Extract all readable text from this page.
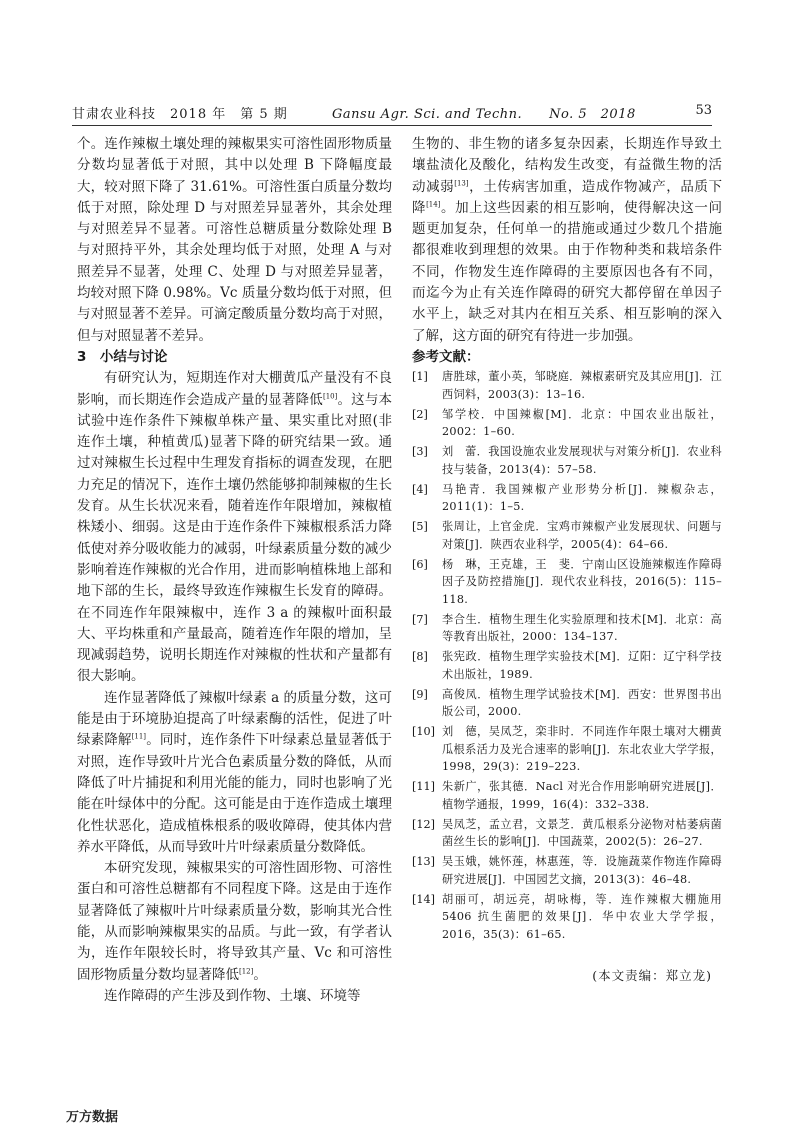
甘肃农业科技　2018 年　第 5 期	Gansu Agr. Sci. and Techn.　　No. 5　2018	53

个。连作辣椒土壤处理的辣椒果实可溶性固形物质量分数均显著低于对照，其中以处理 B 下降幅度最大，较对照下降了 31.61%。可溶性蛋白质量分数均低于对照，除处理 D 与对照差异显著外，其余处理与对照差异不显著。可溶性总糖质量分数除处理 B 与对照持平外，其余处理均低于对照，处理 A 与对照差异不显著，处理 C、处理 D 与对照差异显著，均较对照下降 0.98%。Vc 质量分数均低于对照，但与对照显著不差异。可滴定酸质量分数均高于对照，但与对照显著不差异。

3　小结与讨论

有研究认为，短期连作对大棚黄瓜产量没有不良影响，而长期连作会造成产量的显著降低[10]。这与本试验中连作条件下辣椒单株产量、果实重比对照(非连作土壤，种植黄瓜)显著下降的研究结果一致。通过对辣椒生长过程中生理发育指标的调查发现，在肥力充足的情况下，连作土壤仍然能够抑制辣椒的生长发育。从生长状况来看，随着连作年限增加，辣椒植株矮小、细弱。这是由于连作条件下辣椒根系活力降低使对养分吸收能力的减弱，叶绿素质量分数的减少影响着连作辣椒的光合作用，进而影响植株地上部和地下部的生长，最终导致连作辣椒生长发育的障碍。在不同连作年限辣椒中，连作 3 a 的辣椒叶面积最大、平均株重和产量最高，随着连作年限的增加，呈现减弱趋势，说明长期连作对辣椒的性状和产量都有很大影响。

连作显著降低了辣椒叶绿素 a 的质量分数，这可能是由于环境胁迫提高了叶绿素酶的活性，促进了叶绿素降解[11]。同时，连作条件下叶绿素总量显著低于对照，连作导致叶片光合色素质量分数的降低，从而降低了叶片捕捉和利用光能的能力，同时也影响了光能在叶绿体中的分配。这可能是由于连作造成土壤理化性状恶化，造成植株根系的吸收障碍，使其体内营养水平降低，从而导致叶片叶绿素质量分数降低。

本研究发现，辣椒果实的可溶性固形物、可溶性蛋白和可溶性总糖都有不同程度下降。这是由于连作显著降低了辣椒叶片叶绿素质量分数，影响其光合性能，从而影响辣椒果实的品质。与此一致，有学者认为，连作年限较长时，将导致其产量、Vc 和可溶性固形物质量分数均显著降低[12]。

连作障碍的产生涉及到作物、土壤、环境等

生物的、非生物的诸多复杂因素，长期连作导致土壤盐渍化及酸化，结构发生改变，有益微生物的活动减弱[13]，土传病害加重，造成作物减产，品质下降[14]。加上这些因素的相互影响，使得解决这一问题更加复杂，任何单一的措施或通过少数几个措施都很难收到理想的效果。由于作物种类和栽培条件不同，作物发生连作障碍的主要原因也各有不同，而迄今为止有关连作障碍的研究大都停留在单因子水平上，缺乏对其内在相互关系、相互影响的深入了解，这方面的研究有待进一步加强。

参考文献：

[1]	唐胜球，董小英，邹晓庭．辣椒素研究及其应用[J]．江西饲料，2003(3)：13–16.
[2]	邹学校．中国辣椒[M]．北京：中国农业出版社，2002：1–60.
[3]	刘　蕾．我国设施农业发展现状与对策分析[J]．农业科技与装备，2013(4)：57–58.
[4]	马艳青．我国辣椒产业形势分析[J]．辣椒杂志，2011(1)：1–5.
[5]	张周让，上官金虎．宝鸡市辣椒产业发展现状、问题与对策[J]．陕西农业科学，2005(4)：64–66.
[6]	杨　琳，王克雄，王　斐．宁南山区设施辣椒连作障碍因子及防控措施[J]．现代农业科技，2016(5)：115–118.
[7]	李合生．植物生理生化实验原理和技术[M]．北京：高等教育出版社，2000：134–137.
[8]	张宪政．植物生理学实验技术[M]．辽阳：辽宁科学技术出版社，1989.
[9]	高俊凤．植物生理学试验技术[M]．西安：世界图书出版公司，2000.
[10] 刘　德，吴凤芝，栾非时．不同连作年限土壤对大棚黄瓜根系活力及光合速率的影响[J]．东北农业大学学报，1998，29(3)：219–223.
[11] 朱新广，张其德．Nacl 对光合作用影响研究进展[J]．植物学通报，1999，16(4)：332–338.
[12] 吴凤芝，孟立君，文景芝．黄瓜根系分泌物对枯萎病菌菌丝生长的影响[J]．中国蔬菜，2002(5)：26–27.
[13] 吴玉娥，姚怀莲，林惠莲，等．设施蔬菜作物连作障碍研究进展[J]．中国园艺文摘，2013(3)：46–48.
[14] 胡丽可，胡远亮，胡咏梅，等．连作辣椒大棚施用5406 抗生菌肥的效果[J]．华中农业大学学报，2016，35(3)：61–65.
(本文责编：郑立龙)
万方数据
